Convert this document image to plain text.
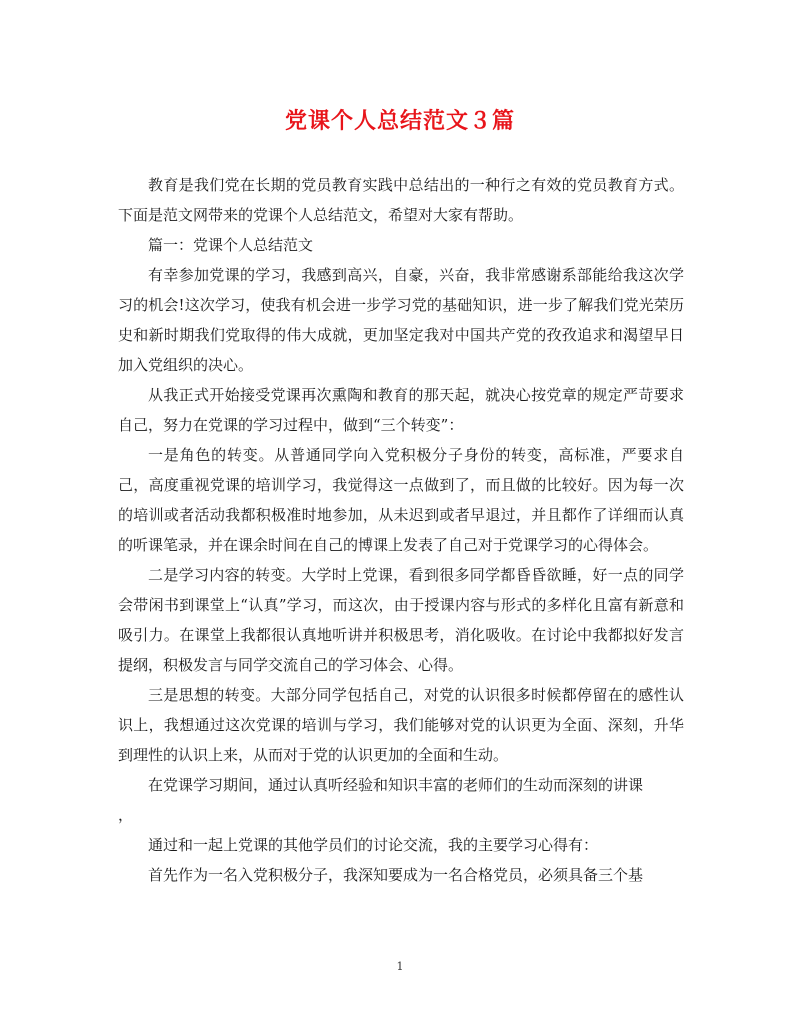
党课个人总结范文３篇

教育是我们党在长期的党员教育实践中总结出的一种行之有效的党员教育方式。下面是范文网带来的党课个人总结范文，希望对大家有帮助。

篇一：党课个人总结范文

有幸参加党课的学习，我感到高兴，自豪，兴奋，我非常感谢系部能给我这次学习的机会!这次学习，使我有机会进一步学习党的基础知识，进一步了解我们党光荣历史和新时期我们党取得的伟大成就，更加坚定我对中国共产党的孜孜追求和渴望早日加入党组织的决心。

从我正式开始接受党课再次熏陶和教育的那天起，就决心按党章的规定严苛要求自己，努力在党课的学习过程中，做到“三个转变”：

一是角色的转变。从普通同学向入党积极分子身份的转变，高标准，严要求自己，高度重视党课的培训学习，我觉得这一点做到了，而且做的比较好。因为每一次的培训或者活动我都积极准时地参加，从未迟到或者早退过，并且都作了详细而认真的听课笔录，并在课余时间在自己的博课上发表了自己对于党课学习的心得体会。

二是学习内容的转变。大学时上党课，看到很多同学都昏昏欲睡，好一点的同学会带闲书到课堂上“认真”学习，而这次，由于授课内容与形式的多样化且富有新意和吸引力。在课堂上我都很认真地听讲并积极思考，消化吸收。在讨论中我都拟好发言提纲，积极发言与同学交流自己的学习体会、心得。

三是思想的转变。大部分同学包括自己，对党的认识很多时候都停留在的感性认识上，我想通过这次党课的培训与学习，我们能够对党的认识更为全面、深刻，升华到理性的认识上来，从而对于党的认识更加的全面和生动。

在党课学习期间，通过认真听经验和知识丰富的老师们的生动而深刻的讲课

，

通过和一起上党课的其他学员们的讨论交流，我的主要学习心得有：

首先作为一名入党积极分子，我深知要成为一名合格党员，必须具备三个基

1
